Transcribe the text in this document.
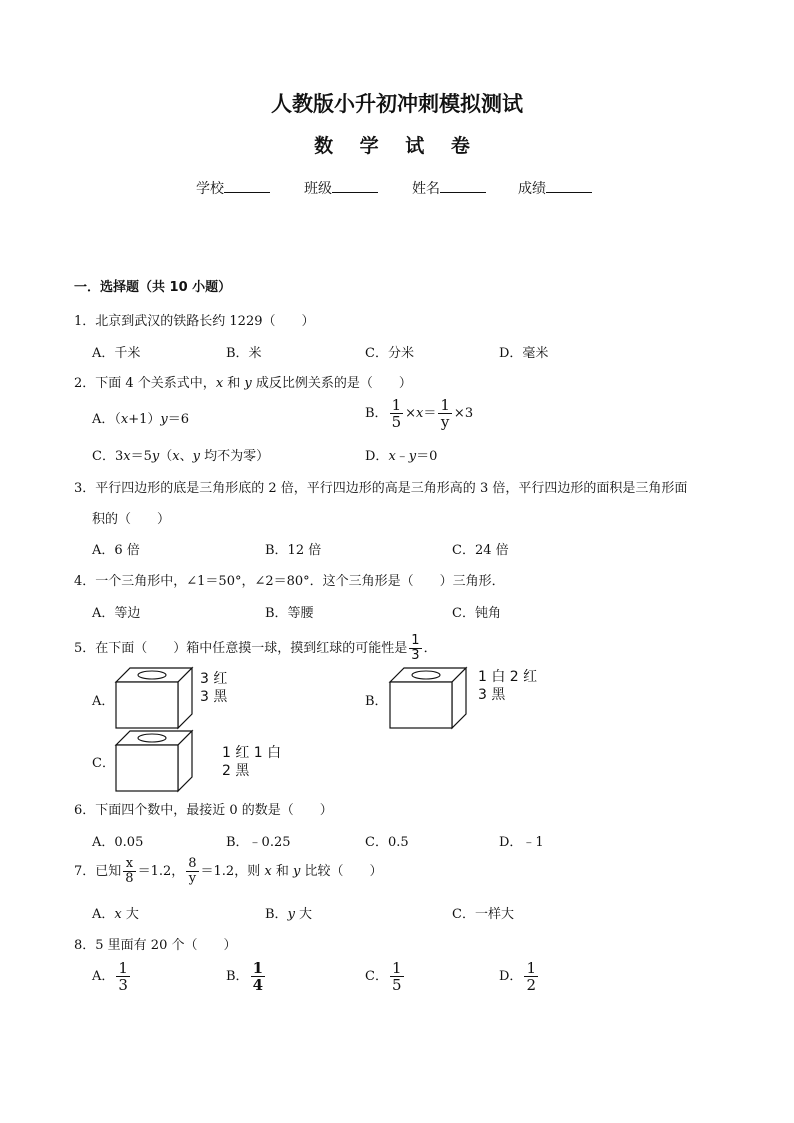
人教版小升初冲刺模拟测试
数 学 试 卷
学校	班级	姓名	成绩
一．选择题（共 10 小题）
1．北京到武汉的铁路长约 1229（　　）
A．千米	B．米	C．分米	D．毫米
2．下面 4 个关系式中，x 和 y 成反比例关系的是（　　）
A．（x+1）y＝6	B． $\frac{1}{5} \times x= \frac{1}{y} \times 3$
C．3x＝5y（x、y 均不为零）	D．x﹣y＝0
3．平行四边形的底是三角形底的 2 倍，平行四边形的高是三角形高的 3 倍，平行四边形的面积是三角形面
积的（　　）
A．6 倍	B．12 倍	C．24 倍
4．一个三角形中，∠1＝50°，∠2＝80°．这个三角形是（　　）三角形．
A．等边	B．等腰	C．钝角
5．在下面（　　）箱中任意摸一球，摸到红球的可能性是 $\frac{1}{3}$ ．
A．
3 红
3 黑	B．
1 白 2 红
3 黑
C．
1 红 1 白
2 黑
6．下面四个数中，最接近 0 的数是（　　）
A．0.05	B．﹣0.25	C．0.5	D．﹣1
7．已知 $\frac{x}{8} =1.2$， $\frac{8}{y} =1.2$，则 x 和 y 比较（　　）
A．x 大	B．y 大	C．一样大
8．5 里面有 20 个（　　）
A． $\frac{1}{3}$	B． $\frac{1}{4}$	C． $\frac{1}{5}$	D． $\frac{1}{2}$
